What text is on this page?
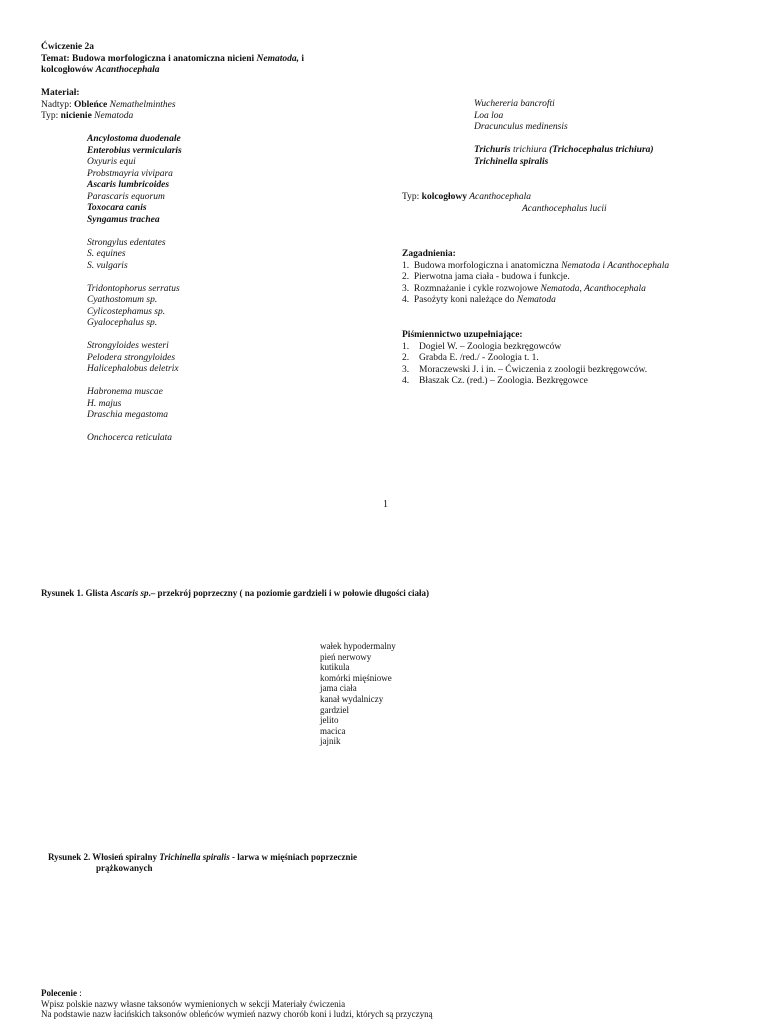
Ćwiczenie 2a
Temat: Budowa morfologiczna i anatomiczna nicieni Nematoda, i
kolcogłowów Acanthocephala
Materiał:
Nadtyp: Obleńce Nemathelminthes
Typ: nicienie Nematoda
Ancylostoma duodenale
Enterobius vermicularis
Oxyuris equi
Probstmayria vivipara
Ascaris lumbricoides
Parascaris equorum
Toxocara canis
Syngamus trachea
Strongylus edentates
S. equines
S. vulgaris
Tridontophorus serratus
Cyathostomum sp.
Cylicostephamus sp.
Gyalocephalus sp.
Strongyloides westeri
Pelodera strongyloides
Halicephalobus deletrix
Habronema muscae
H. majus
Draschia megastoma
Onchocerca reticulata
Wuchereria bancrofti
Loa loa
Dracunculus medinensis
Trichuris trichiura (Trichocephalus trichiura)
Trichinella spiralis
Typ: kolcogłowy Acanthocephala
Acanthocephalus lucii
Zagadnienia:
1. Budowa morfologiczna i anatomiczna Nematoda i Acanthocephala
2. Pierwotna jama ciała - budowa i funkcje.
3. Rozmnażanie i cykle rozwojowe Nematoda, Acanthocephala
4. Pasożyty koni należące do Nematoda
Piśmiennictwo uzupełniające:
1. Dogiel W. – Zoologia bezkręgowców
2. Grabda E. /red./ - Zoologia t. 1.
3. Moraczewski J. i in. – Ćwiczenia z zoologii bezkręgowców.
4. Błaszak Cz. (red.) – Zoologia. Bezkręgowce
1
Rysunek 1. Glista Ascaris sp.– przekrój poprzeczny ( na poziomie gardzieli i w połowie długości ciała)
wałek hypodermalny
pień nerwowy
kutikula
komórki mięśniowe
jama ciała
kanał wydalniczy
gardziel
jelito
macica
jajnik
Rysunek 2. Włosień spiralny Trichinella spiralis - larwa w mięśniach poprzecznie
prążkowanych
Polecenie :
Wpisz polskie nazwy własne taksonów wymienionych w sekcji Materiały ćwiczenia
Na podstawie nazw łacińskich taksonów obleńców wymień nazwy chorób koni i ludzi, których są przyczyną
